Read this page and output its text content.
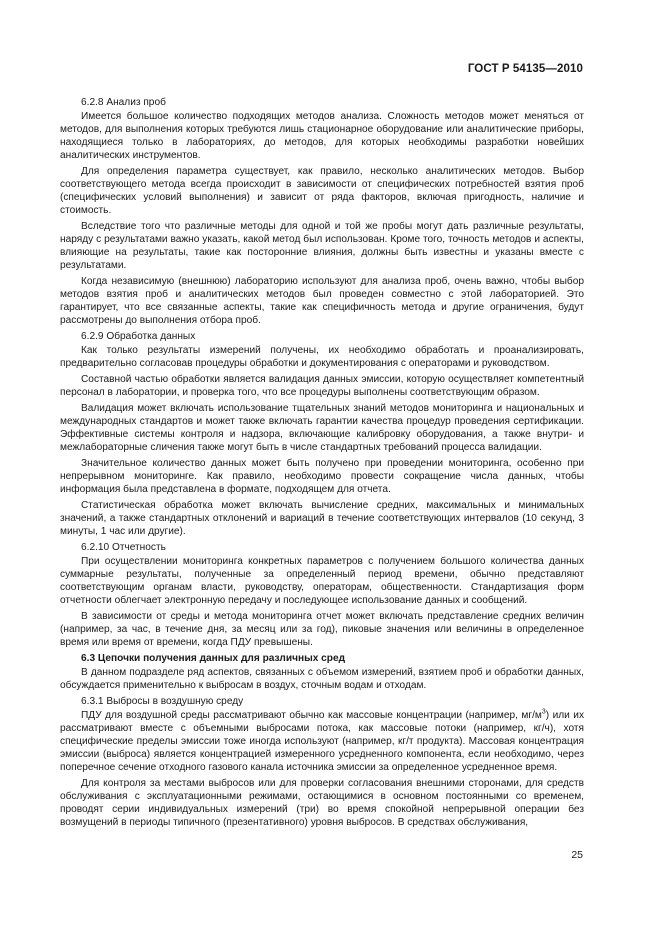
ГОСТ Р 54135—2010

6.2.8 Анализ проб

Имеется большое количество подходящих методов анализа. Сложность методов может меняться от методов, для выполнения которых требуются лишь стационарное оборудование или аналитические приборы, находящиеся только в лабораториях, до методов, для которых необходимы разработки новейших аналитических инструментов.

Для определения параметра существует, как правило, несколько аналитических методов. Выбор соответствующего метода всегда происходит в зависимости от специфических потребностей взятия проб (специфических условий выполнения) и зависит от ряда факторов, включая пригодность, наличие и стоимость.

Вследствие того что различные методы для одной и той же пробы могут дать различные результаты, наряду с результатами важно указать, какой метод был использован. Кроме того, точность методов и аспекты, влияющие на результаты, такие как посторонние влияния, должны быть известны и указаны вместе с результатами.

Когда независимую (внешнюю) лабораторию используют для анализа проб, очень важно, чтобы выбор методов взятия проб и аналитических методов был проведен совместно с этой лабораторией. Это гарантирует, что все связанные аспекты, такие как специфичность метода и другие ограничения, будут рассмотрены до выполнения отбора проб.

6.2.9 Обработка данных

Как только результаты измерений получены, их необходимо обработать и проанализировать, предварительно согласовав процедуры обработки и документирования с операторами и руководством.

Составной частью обработки является валидация данных эмиссии, которую осуществляет компетентный персонал в лаборатории, и проверка того, что все процедуры выполнены соответствующим образом.

Валидация может включать использование тщательных знаний методов мониторинга и национальных и международных стандартов и может также включать гарантии качества процедур проведения сертификации. Эффективные системы контроля и надзора, включающие калибровку оборудования, а также внутри- и межлабораторные сличения также могут быть в числе стандартных требований процесса валидации.

Значительное количество данных может быть получено при проведении мониторинга, особенно при непрерывном мониторинге. Как правило, необходимо провести сокращение числа данных, чтобы информация была представлена в формате, подходящем для отчета.

Статистическая обработка может включать вычисление средних, максимальных и минимальных значений, а также стандартных отклонений и вариаций в течение соответствующих интервалов (10 секунд, 3 минуты, 1 час или другие).

6.2.10 Отчетность

При осуществлении мониторинга конкретных параметров с получением большого количества данных суммарные результаты, полученные за определенный период времени, обычно представляют соответствующим органам власти, руководству, операторам, общественности. Стандартизация форм отчетности облегчает электронную передачу и последующее использование данных и сообщений.

В зависимости от среды и метода мониторинга отчет может включать представление средних величин (например, за час, в течение дня, за месяц или за год), пиковые значения или величины в определенное время или время от времени, когда ПДУ превышены.

6.3 Цепочки получения данных для различных сред

В данном подразделе ряд аспектов, связанных с объемом измерений, взятием проб и обработки данных, обсуждается применительно к выбросам в воздух, сточным водам и отходам.

6.3.1 Выбросы в воздушную среду

ПДУ для воздушной среды рассматривают обычно как массовые концентрации (например, $мг/м^3$) или их рассматривают вместе с объемными выбросами потока, как массовые потоки (например, кг/ч), хотя специфические пределы эмиссии тоже иногда используют (например, кг/т продукта). Массовая концентрация эмиссии (выброса) является концентрацией измеренного усредненного компонента, если необходимо, через поперечное сечение отходного газового канала источника эмиссии за определенное усредненное время.

Для контроля за местами выбросов или для проверки согласования внешними сторонами, для средств обслуживания с эксплуатационными режимами, остающимися в основном постоянными со временем, проводят серии индивидуальных измерений (три) во время спокойной непрерывной операции без возмущений в периоды типичного (презентативного) уровня выбросов. В средствах обслуживания,

25
